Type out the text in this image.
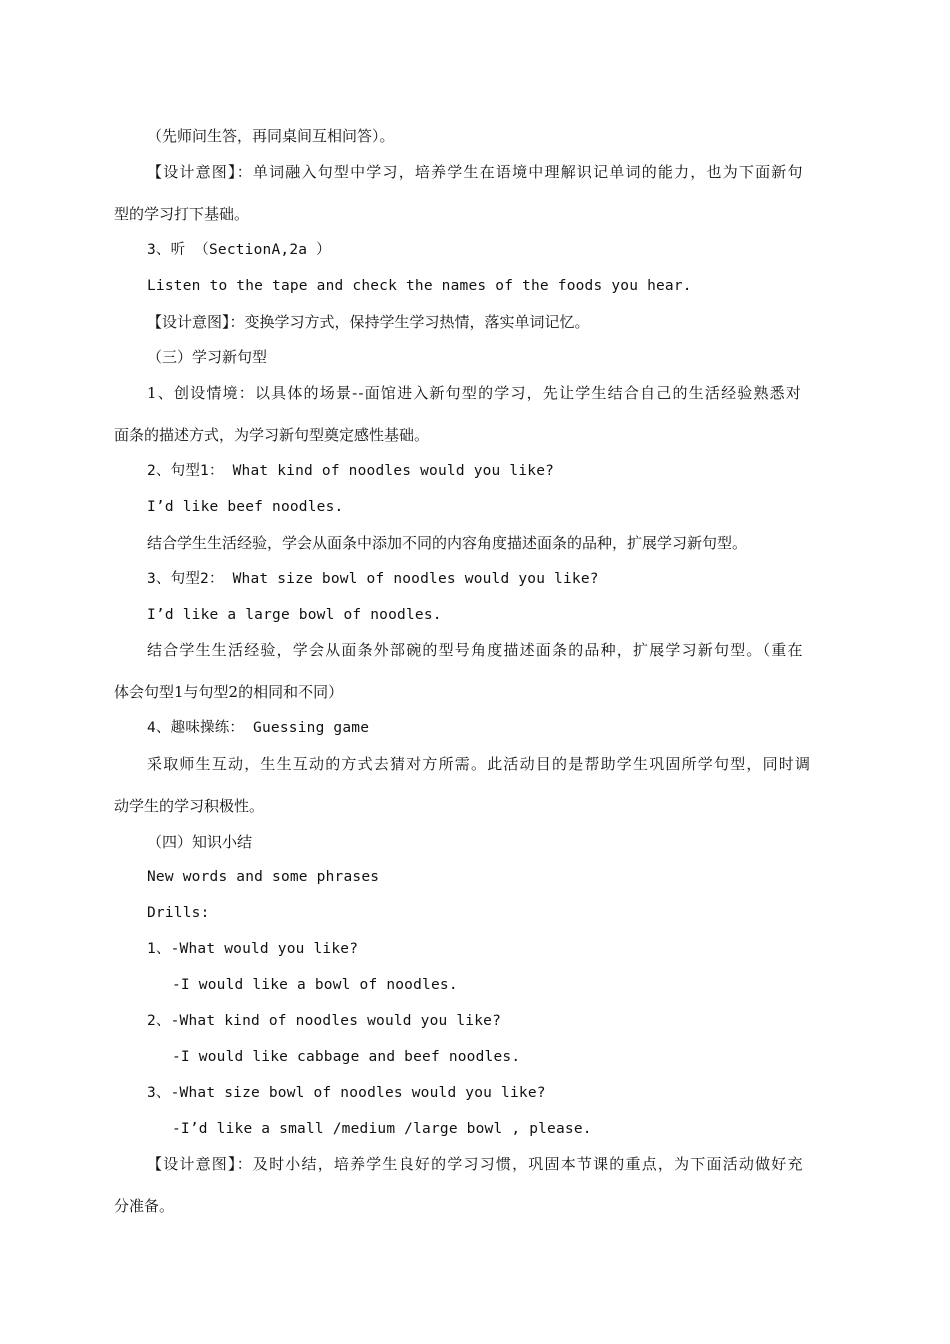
（先师问生答，再同桌间互相问答）。
【设计意图】：单词融入句型中学习，培养学生在语境中理解识记单词的能力，也为下面新句
型的学习打下基础。
3、听 （SectionA,2a ）
Listen to the tape and check the names of the foods you hear.
【设计意图】：变换学习方式，保持学生学习热情，落实单词记忆。
（三）学习新句型
1、创设情境：以具体的场景--面馆进入新句型的学习，先让学生结合自己的生活经验熟悉对
面条的描述方式，为学习新句型奠定感性基础。
2、句型1： What kind of noodles would you like?
I’d like beef noodles.
结合学生生活经验，学会从面条中添加不同的内容角度描述面条的品种，扩展学习新句型。
3、句型2： What size bowl of noodles would you like?
I’d like a large bowl of noodles.
结合学生生活经验，学会从面条外部碗的型号角度描述面条的品种，扩展学习新句型。（重在
体会句型1与句型2的相同和不同）
4、趣味操练： Guessing game
采取师生互动，生生互动的方式去猜对方所需。此活动目的是帮助学生巩固所学句型，同时调
动学生的学习积极性。
（四）知识小结
New words and some phrases
Drills:
1、-What would you like?
-I would like a bowl of noodles.
2、-What kind of noodles would you like?
-I would like cabbage and beef noodles.
3、-What size bowl of noodles would you like?
-I’d like a small /medium /large bowl , please.
【设计意图】：及时小结，培养学生良好的学习习惯，巩固本节课的重点，为下面活动做好充
分准备。
